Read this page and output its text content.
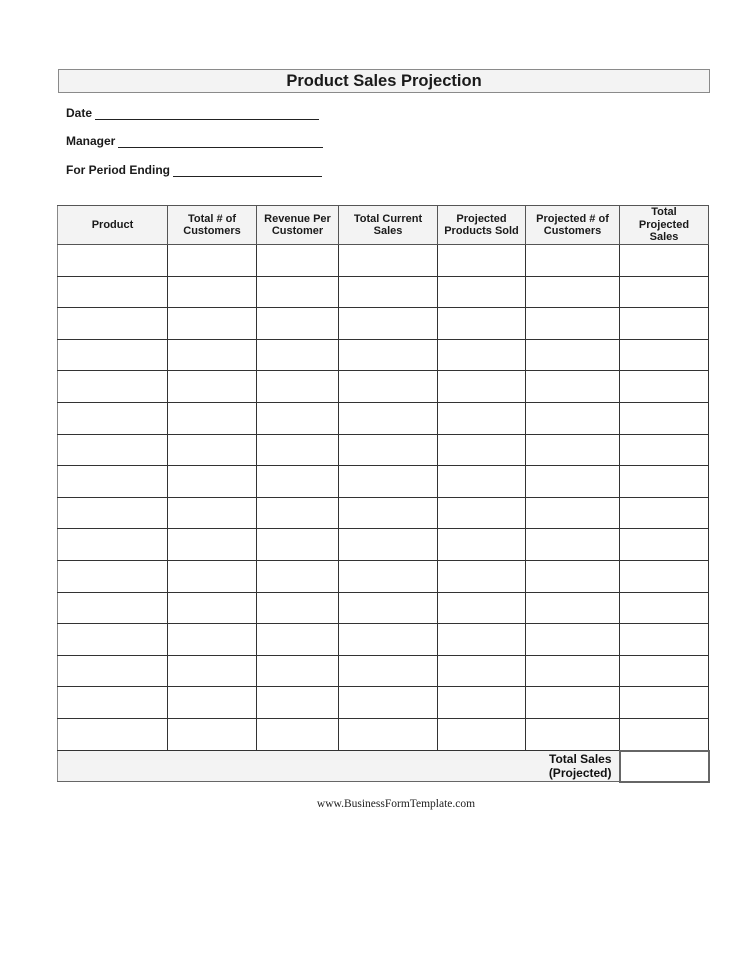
Product Sales Projection
Date
Manager
For Period Ending
Product	Total # of Customers	Revenue Per Customer	Total Current Sales	Projected Products Sold	Projected # of Customers	Total Projected Sales

Total Sales
(Projected)						
www.BusinessFormTemplate.com
